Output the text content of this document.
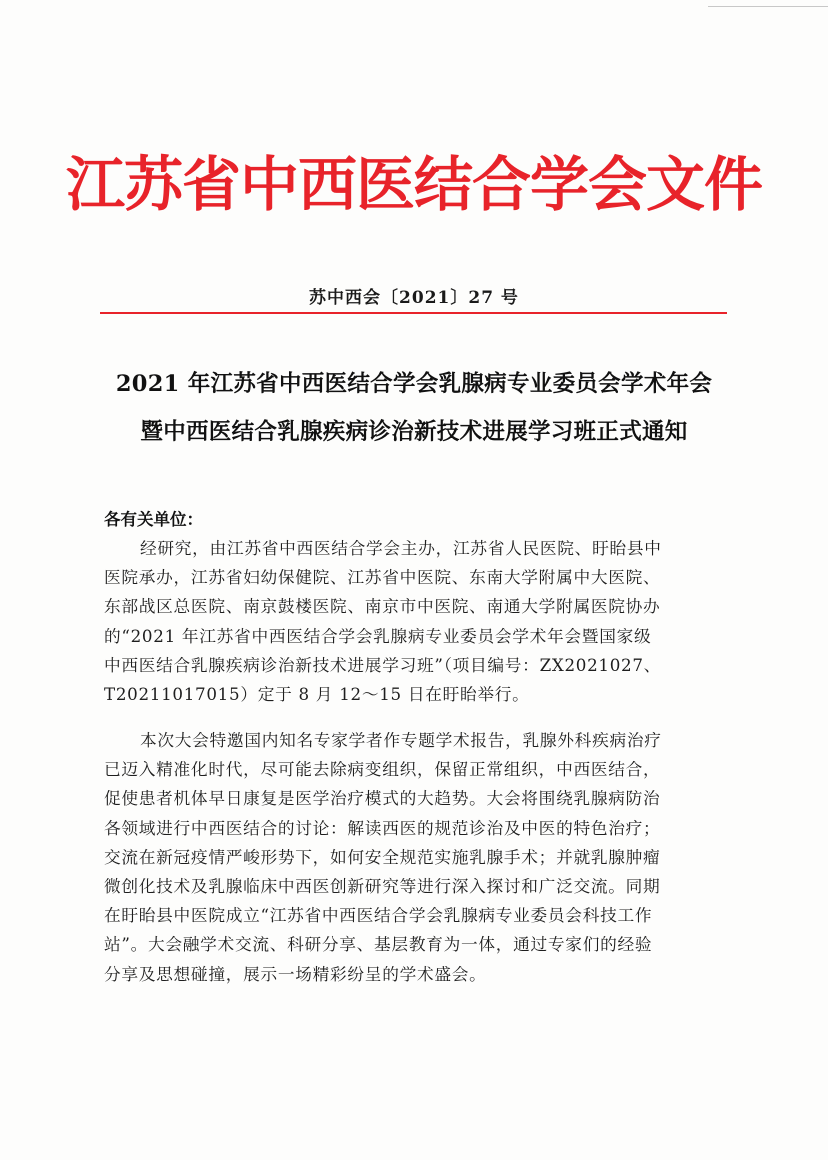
江苏省中西医结合学会文件
苏中西会〔2021〕27 号
2021 年江苏省中西医结合学会乳腺病专业委员会学术年会
暨中西医结合乳腺疾病诊治新技术进展学习班正式通知
各有关单位：
经研究，由江苏省中西医结合学会主办，江苏省人民医院、盱眙县中
医院承办，江苏省妇幼保健院、江苏省中医院、东南大学附属中大医院、
东部战区总医院、南京鼓楼医院、南京市中医院、南通大学附属医院协办
的“2021 年江苏省中西医结合学会乳腺病专业委员会学术年会暨国家级
中西医结合乳腺疾病诊治新技术进展学习班”（项目编号：ZX2021027、
T20211017015）定于 8 月 12～15 日在盱眙举行。
本次大会特邀国内知名专家学者作专题学术报告，乳腺外科疾病治疗
已迈入精准化时代，尽可能去除病变组织，保留正常组织，中西医结合，
促使患者机体早日康复是医学治疗模式的大趋势。大会将围绕乳腺病防治
各领域进行中西医结合的讨论：解读西医的规范诊治及中医的特色治疗；
交流在新冠疫情严峻形势下，如何安全规范实施乳腺手术；并就乳腺肿瘤
微创化技术及乳腺临床中西医创新研究等进行深入探讨和广泛交流。同期
在盱眙县中医院成立“江苏省中西医结合学会乳腺病专业委员会科技工作
站”。大会融学术交流、科研分享、基层教育为一体，通过专家们的经验
分享及思想碰撞，展示一场精彩纷呈的学术盛会。
